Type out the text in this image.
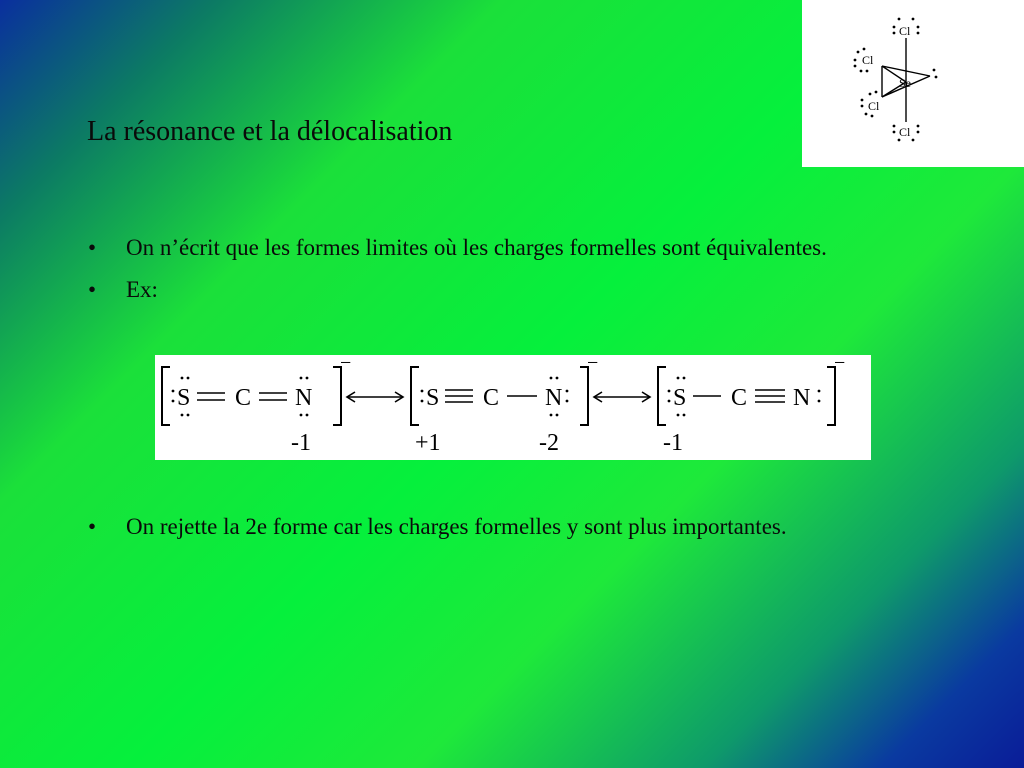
La résonance et la délocalisation
• On n’écrit que les formes limites où les charges formelles sont équivalentes.
• Ex:
S C N	S C N	S C N
-1	+1	-2	-1
−	−	−
• On rejette la 2e forme car les charges formelles y sont plus importantes.
Cl
Cl
Se
Cl
Cl
